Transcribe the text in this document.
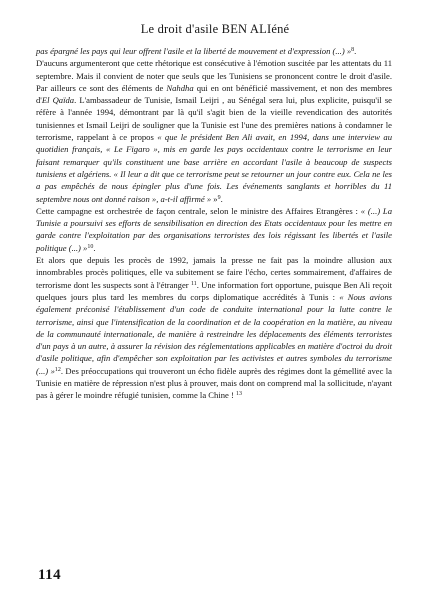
Le droit d'asile BEN ALIéné

pas épargné les pays qui leur offrent l'asile et la liberté de mouvement et d'expression (...) »$^8$.

D'aucuns argumenteront que cette rhétorique est consécutive à l'émotion suscitée par les attentats du 11 septembre. Mais il convient de noter que seuls que les Tunisiens se prononcent contre le droit d'asile. Par ailleurs ce sont des éléments de Nahdha qui en ont bénéficié massivement, et non des membres d'El Qaïda. L'ambassadeur de Tunisie, Ismail Leijri , au Sénégal sera lui, plus explicite, puisqu'il se réfère à l'année 1994, démontrant par là qu'il s'agit bien de la vieille revendication des autorités tunisiennes et Ismail Leijri de souligner que la Tunisie est l'une des premières nations à condamner le terrorisme, rappelant à ce propos « que le président Ben Ali avait, en 1994, dans une interview au quotidien français, « Le Figaro », mis en garde les pays occidentaux contre le terrorisme en leur faisant remarquer qu'ils constituent une base arrière en accordant l'asile à beaucoup de suspects tunisiens et algériens. « Il leur a dit que ce terrorisme peut se retourner un jour contre eux. Cela ne les a pas empêchés de nous épingler plus d'une fois. Les événements sanglants et horribles du 11 septembre nous ont donné raison », a-t-il affirmé » »$^9$.

Cette campagne est orchestrée de façon centrale, selon le ministre des Affaires Etrangères : « (...) La Tunisie a poursuivi ses efforts de sensibilisation en direction des Etats occidentaux pour les mettre en garde contre l'exploitation par des organisations terroristes des lois régissant les libertés et l'asile politique (...) »$^{10}$.

Et alors que depuis les procès de 1992, jamais la presse ne fait pas la moindre allusion aux innombrables procès politiques, elle va subitement se faire l'écho, certes sommairement, d'affaires de terrorisme dont les suspects sont à l'étranger $^{11}$. Une information fort opportune, puisque Ben Ali reçoit quelques jours plus tard les membres du corps diplomatique accrédités à Tunis : « Nous avions également préconisé l'établissement d'un code de conduite international pour la lutte contre le terrorisme, ainsi que l'intensification de la coordination et de la coopération en la matière, au niveau de la communauté internationale, de manière à restreindre les déplacements des éléments terroristes d'un pays à un autre, à assurer la révision des réglementations applicables en matière d'octroi du droit d'asile politique, afin d'empêcher son exploitation par les activistes et autres symboles du terrorisme (...) »$^{12}$. Des préoccupations qui trouveront un écho fidèle auprès des régimes dont la gémellité avec la Tunisie en matière de répression n'est plus à prouver, mais dont on comprend mal la sollicitude, n'ayant pas à gérer le moindre réfugié tunisien, comme la Chine ! $^{13}$

114
